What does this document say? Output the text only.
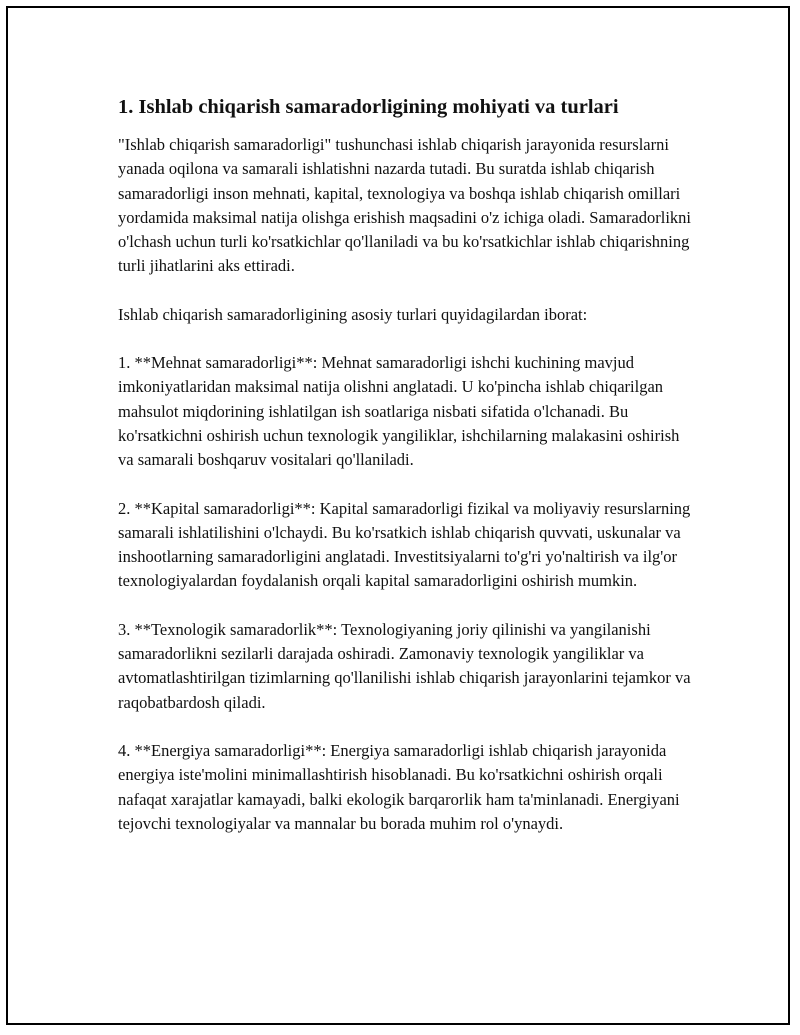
1. Ishlab chiqarish samaradorligining mohiyati va turlari

"Ishlab chiqarish samaradorligi" tushunchasi ishlab chiqarish jarayonida resurslarni yanada oqilona va samarali ishlatishni nazarda tutadi. Bu suratda ishlab chiqarish samaradorligi inson mehnati, kapital, texnologiya va boshqa ishlab chiqarish omillari yordamida maksimal natija olishga erishish maqsadini o'z ichiga oladi. Samaradorlikni o'lchash uchun turli ko'rsatkichlar qo'llaniladi va bu ko'rsatkichlar ishlab chiqarishning turli jihatlarini aks ettiradi.

Ishlab chiqarish samaradorligining asosiy turlari quyidagilardan iborat:

1. **Mehnat samaradorligi**: Mehnat samaradorligi ishchi kuchining mavjud imkoniyatlaridan maksimal natija olishni anglatadi. U ko'pincha ishlab chiqarilgan mahsulot miqdorining ishlatilgan ish soatlariga nisbati sifatida o'lchanadi. Bu ko'rsatkichni oshirish uchun texnologik yangiliklar, ishchilarning malakasini oshirish va samarali boshqaruv vositalari qo'llaniladi.

2. **Kapital samaradorligi**: Kapital samaradorligi fizikal va moliyaviy resurslarning samarali ishlatilishini o'lchaydi. Bu ko'rsatkich ishlab chiqarish quvvati, uskunalar va inshootlarning samaradorligini anglatadi. Investitsiyalarni to'g'ri yo'naltirish va ilg'or texnologiyalardan foydalanish orqali kapital samaradorligini oshirish mumkin.

3. **Texnologik samaradorlik**: Texnologiyaning joriy qilinishi va yangilanishi samaradorlikni sezilarli darajada oshiradi. Zamonaviy texnologik yangiliklar va avtomatlashtirilgan tizimlarning qo'llanilishi ishlab chiqarish jarayonlarini tejamkor va raqobatbardosh qiladi.

4. **Energiya samaradorligi**: Energiya samaradorligi ishlab chiqarish jarayonida energiya iste'molini minimallashtirish hisoblanadi. Bu ko'rsatkichni oshirish orqali nafaqat xarajatlar kamayadi, balki ekologik barqarorlik ham ta'minlanadi. Energiyani tejovchi texnologiyalar va mannalar bu borada muhim rol o'ynaydi.
